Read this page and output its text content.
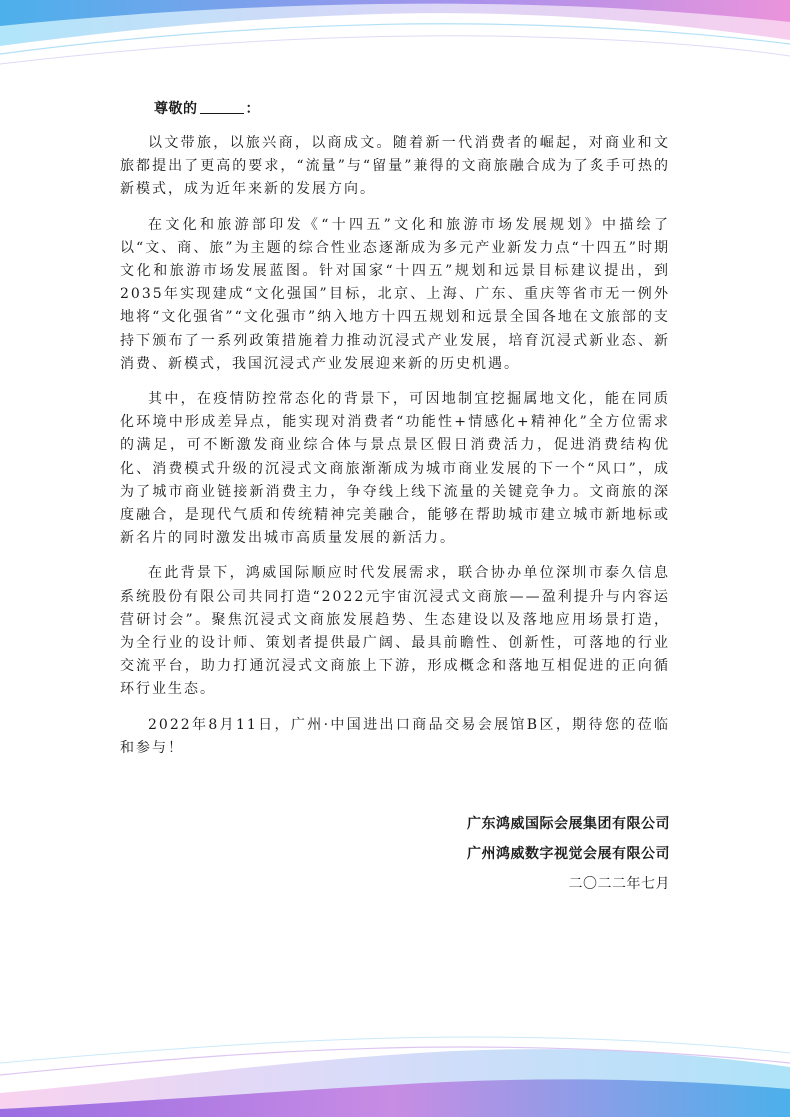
尊敬的	：

以文带旅，以旅兴商，以商成文。随着新一代消费者的崛起，对商业和文旅都提出了更高的要求，“流量”与“留量”兼得的文商旅融合成为了炙手可热的新模式，成为近年来新的发展方向。

在文化和旅游部印发《“十四五”文化和旅游市场发展规划》中描绘了以“文、商、旅”为主题的综合性业态逐渐成为多元产业新发力点“十四五”时期文化和旅游市场发展蓝图。针对国家“十四五”规划和远景目标建议提出，到2035年实现建成“文化强国”目标，北京、上海、广东、重庆等省市无一例外地将“文化强省”“文化强市”纳入地方十四五规划和远景全国各地在文旅部的支持下颁布了一系列政策措施着力推动沉浸式产业发展，培育沉浸式新业态、新消费、新模式，我国沉浸式产业发展迎来新的历史机遇。

其中，在疫情防控常态化的背景下，可因地制宜挖掘属地文化，能在同质化环境中形成差异点，能实现对消费者“功能性+情感化+精神化”全方位需求的满足，可不断激发商业综合体与景点景区假日消费活力，促进消费结构优化、消费模式升级的沉浸式文商旅渐渐成为城市商业发展的下一个“风口”，成为了城市商业链接新消费主力，争夺线上线下流量的关键竞争力。文商旅的深度融合，是现代气质和传统精神完美融合，能够在帮助城市建立城市新地标或新名片的同时激发出城市高质量发展的新活力。

在此背景下，鸿威国际顺应时代发展需求，联合协办单位深圳市泰久信息系统股份有限公司共同打造“2022元宇宙沉浸式文商旅——盈利提升与内容运营研讨会”。聚焦沉浸式文商旅发展趋势、生态建设以及落地应用场景打造，为全行业的设计师、策划者提供最广阔、最具前瞻性、创新性，可落地的行业交流平台，助力打通沉浸式文商旅上下游，形成概念和落地互相促进的正向循环行业生态。

2022年8月11日，广州·中国进出口商品交易会展馆B区，期待您的莅临和参与！

广东鸿威国际会展集团有限公司

广州鸿威数字视觉会展有限公司

二〇二二年七月
